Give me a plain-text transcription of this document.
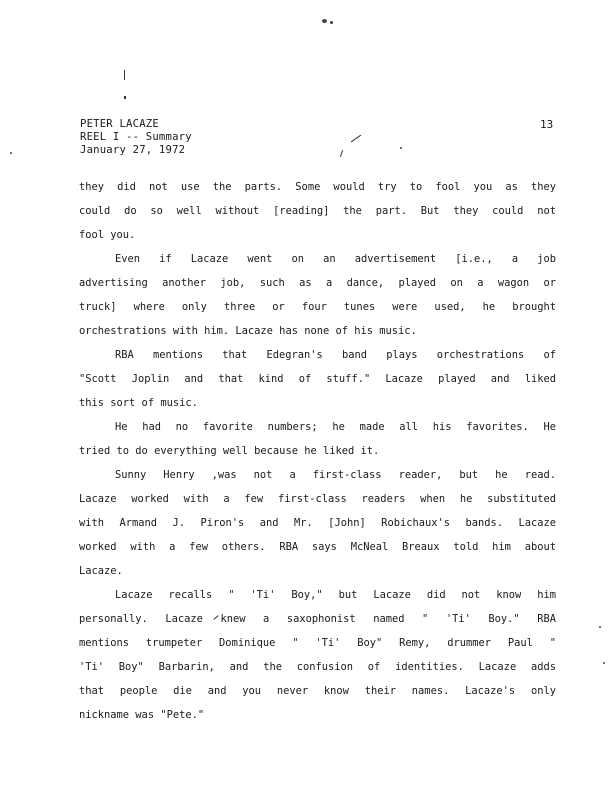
PETER LACAZE
REEL I -- Summary
January 27, 1972
13
they did not use the parts. Some would try to fool you as they
could do so well without [reading] the part. But they could not
fool you.
Even if Lacaze went on an advertisement [i.e., a job
advertising another job, such as a dance, played on a wagon or
truck] where only three or four tunes were used, he brought
orchestrations with him. Lacaze has none of his music.
RBA mentions that Edegran's band plays orchestrations of
"Scott Joplin and that kind of stuff." Lacaze played and liked
this sort of music.
He had no favorite numbers; he made all his favorites. He
tried to do everything well because he liked it.
Sunny Henry ,was not a first-class reader, but he read.
Lacaze worked with a few first-class readers when he substituted
with Armand J. Piron's and Mr. [John] Robichaux's bands. Lacaze
worked with a few others. RBA says McNeal Breaux told him about
Lacaze.
Lacaze recalls " 'Ti' Boy," but Lacaze did not know him
personally. Lacaze knew a saxophonist named " 'Ti' Boy." RBA
mentions trumpeter Dominique " 'Ti' Boy" Remy, drummer Paul "
'Ti' Boy" Barbarin, and the confusion of identities. Lacaze adds
that people die and you never know their names. Lacaze's only
nickname was "Pete."
